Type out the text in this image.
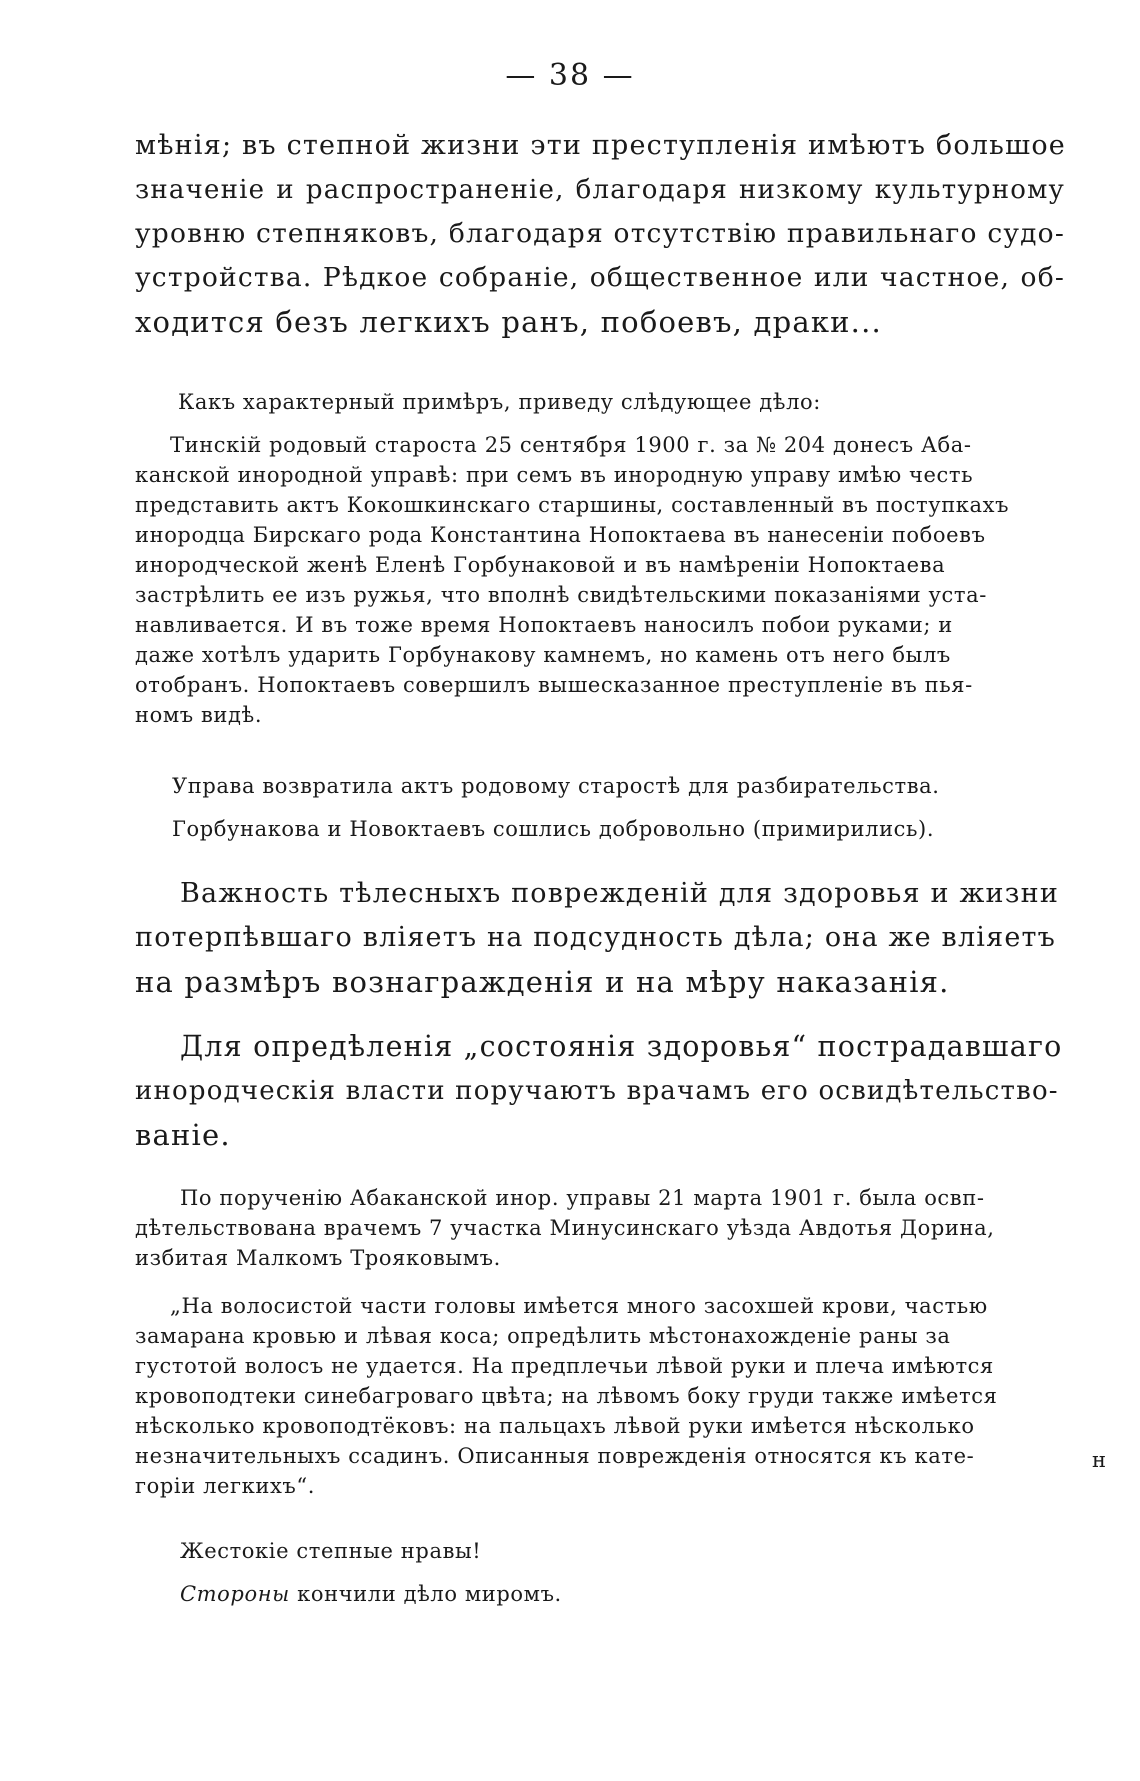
— 38 —
мѣнія; въ степной жизни эти преступленія имѣютъ большое
значеніе и распространеніе, благодаря низкому культурному
уровню степняковъ, благодаря отсутствію правильнаго судо-
устройства. Рѣдкое собраніе, общественное или частное, об-
ходится безъ легкихъ ранъ, побоевъ, драки...
Какъ характерный примѣръ, приведу слѣдующее дѣло:
Тинскій родовый староста 25 сентября 1900 г. за № 204 донесъ Аба-
канской инородной управѣ: при семъ въ инородную управу имѣю честь
представить актъ Кокошкинскаго старшины, составленный въ поступкахъ
инородца Бирскаго рода Константина Нопоктаева въ нанесеніи побоевъ
инородческой женѣ Еленѣ Горбунаковой и въ намѣреніи Нопоктаева
застрѣлить ее изъ ружья, что вполнѣ свидѣтельскими показаніями уста-
навливается. И въ тоже время Нопоктаевъ наносилъ побои руками; и
даже хотѣлъ ударить Горбунакову камнемъ, но камень отъ него былъ
отобранъ. Нопоктаевъ совершилъ вышесказанное преступленіе въ пья-
номъ видѣ.
Управа возвратила актъ родовому старостѣ для разбирательства.
Горбунакова и Новоктаевъ сошлись добровольно (примирились).
Важность тѣлесныхъ поврежденій для здоровья и жизни
потерпѣвшаго вліяетъ на подсудность дѣла; она же вліяетъ
на размѣръ вознагражденія и на мѣру наказанія.
Для опредѣленія „состоянія здоровья“ пострадавшаго
инородческія власти поручаютъ врачамъ его освидѣтельство-
ваніе.
По порученію Абаканской инор. управы 21 марта 1901 г. была освп-
дѣтельствована врачемъ 7 участка Минусинскаго уѣзда Авдотья Дорина,
избитая Малкомъ Трояковымъ.
„На волосистой части головы имѣется много засохшей крови, частью
замарана кровью и лѣвая коса; опредѣлить мѣстонахожденіе раны за
густотой волосъ не удается. На предплечьи лѣвой руки и плеча имѣются
кровоподтеки синебагроваго цвѣта; на лѣвомъ боку груди также имѣется
нѣсколько кровоподтёковъ: на пальцахъ лѣвой руки имѣется нѣсколько
незначительныхъ ссадинъ. Описанныя поврежденія относятся къ кате-
горіи легкихъ“.
н
Жестокіе степные нравы!
Стороны кончили дѣло миромъ.
